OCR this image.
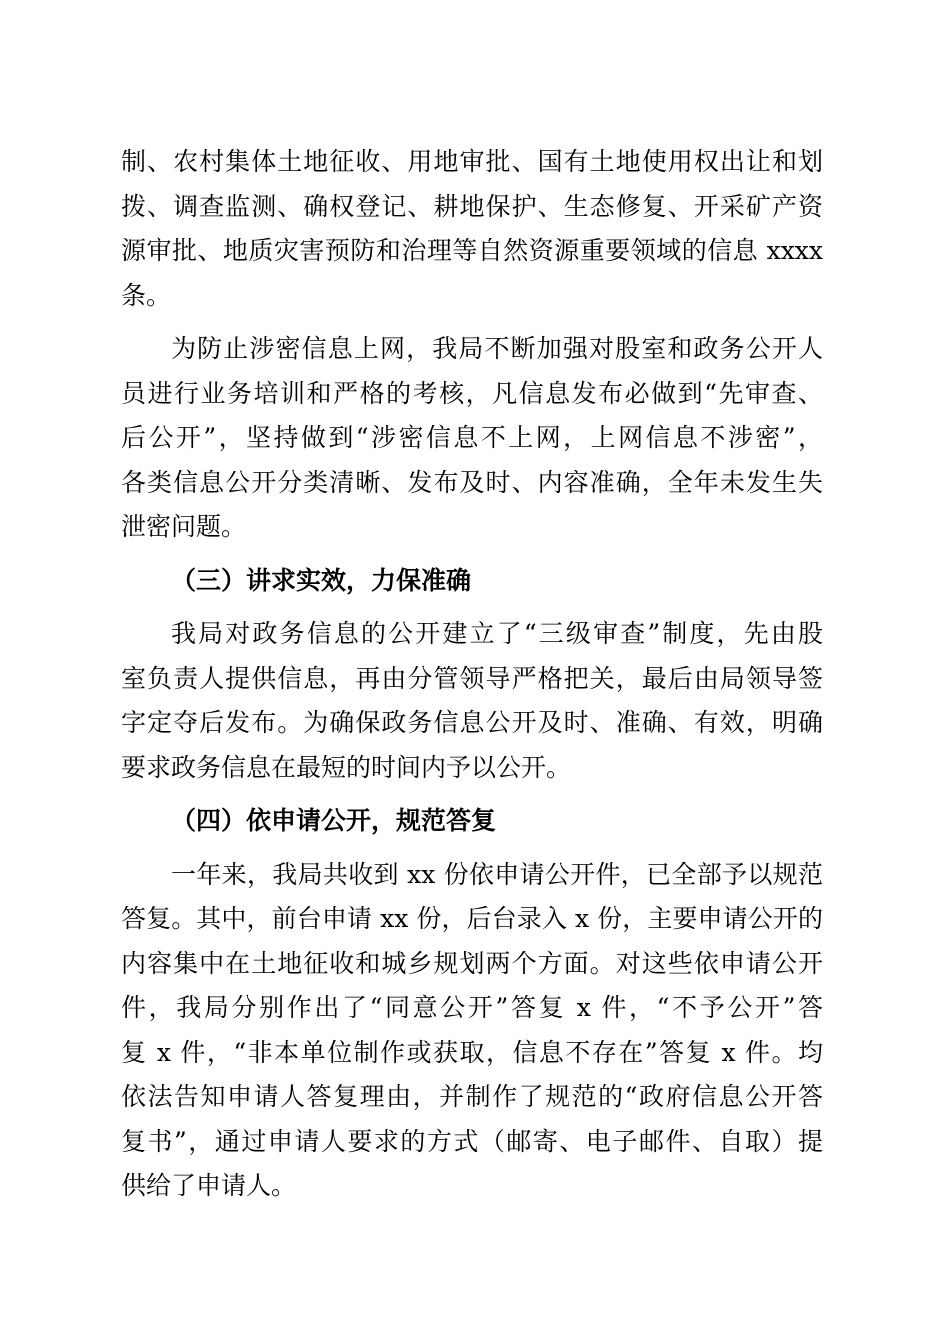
制、农村集体土地征收、用地审批、国有土地使用权出让和划
拨、调查监测、确权登记、耕地保护、生态修复、开采矿产资
源审批、地质灾害预防和治理等自然资源重要领域的信息 xxxx
条。
为防止涉密信息上网，我局不断加强对股室和政务公开人
员进行业务培训和严格的考核，凡信息发布必做到“先审查、
后公开”，坚持做到“涉密信息不上网，上网信息不涉密”，
各类信息公开分类清晰、发布及时、内容准确，全年未发生失
泄密问题。
（三）讲求实效，力保准确
我局对政务信息的公开建立了“三级审查”制度，先由股
室负责人提供信息，再由分管领导严格把关，最后由局领导签
字定夺后发布。为确保政务信息公开及时、准确、有效，明确
要求政务信息在最短的时间内予以公开。
（四）依申请公开，规范答复
一年来，我局共收到 xx 份依申请公开件，已全部予以规范
答复。其中，前台申请 xx 份，后台录入 x 份，主要申请公开的
内容集中在土地征收和城乡规划两个方面。对这些依申请公开
件，我局分别作出了“同意公开”答复 x 件，“不予公开”答
复 x 件，“非本单位制作或获取，信息不存在”答复 x 件。均
依法告知申请人答复理由，并制作了规范的“政府信息公开答
复书”，通过申请人要求的方式（邮寄、电子邮件、自取）提
供给了申请人。
